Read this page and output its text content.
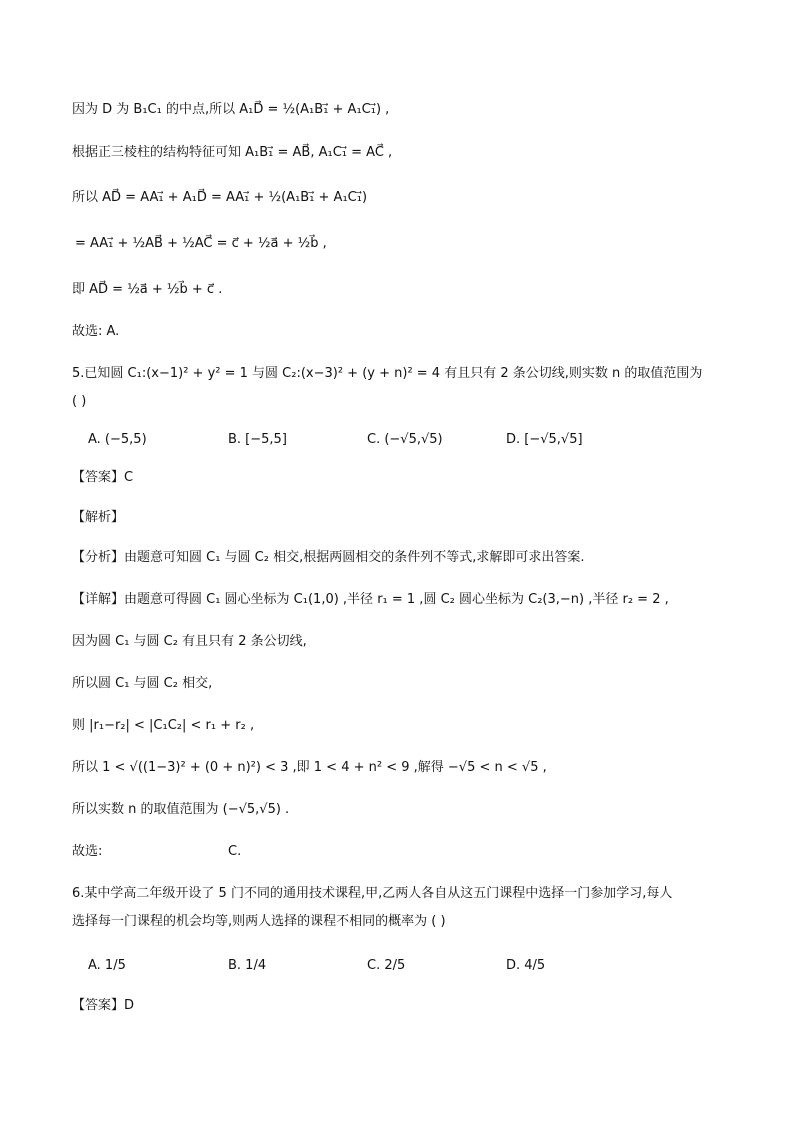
因为 D 为 B₁C₁ 的中点,所以 A₁D⃗ = ½(A₁B₁⃗ + A₁C₁⃗) ,
根据正三棱柱的结构特征可知 A₁B₁⃗ = AB⃗, A₁C₁⃗ = AC⃗ ,
所以 AD⃗ = AA₁⃗ + A₁D⃗ = AA₁⃗ + ½(A₁B₁⃗ + A₁C₁⃗)
= AA₁⃗ + ½AB⃗ + ½AC⃗ = c⃗ + ½a⃗ + ½b⃗ ,
即 AD⃗ = ½a⃗ + ½b⃗ + c⃗ .
故选: A.
5.已知圆 C₁:(x−1)² + y² = 1 与圆 C₂:(x−3)² + (y + n)² = 4 有且只有 2 条公切线,则实数 n 的取值范围为
( )
A. (−5,5)	B. [−5,5]	C. (−√5,√5)	D. [−√5,√5]
【答案】C
【解析】
【分析】由题意可知圆 C₁ 与圆 C₂ 相交,根据两圆相交的条件列不等式,求解即可求出答案.
【详解】由题意可得圆 C₁ 圆心坐标为 C₁(1,0) ,半径 r₁ = 1 ,圆 C₂ 圆心坐标为 C₂(3,−n) ,半径 r₂ = 2 ,
因为圆 C₁ 与圆 C₂ 有且只有 2 条公切线,
所以圆 C₁ 与圆 C₂ 相交,
则 |r₁−r₂| < |C₁C₂| < r₁ + r₂ ,
所以 1 < √((1−3)² + (0 + n)²) < 3 ,即 1 < 4 + n² < 9 ,解得 −√5 < n < √5 ,
所以实数 n 的取值范围为 (−√5,√5) .
故选:	C.
6.某中学高二年级开设了 5 门不同的通用技术课程,甲,乙两人各自从这五门课程中选择一门参加学习,每人
选择每一门课程的机会均等,则两人选择的课程不相同的概率为 ( )
A. 1/5	B. 1/4	C. 2/5	D. 4/5
【答案】D
